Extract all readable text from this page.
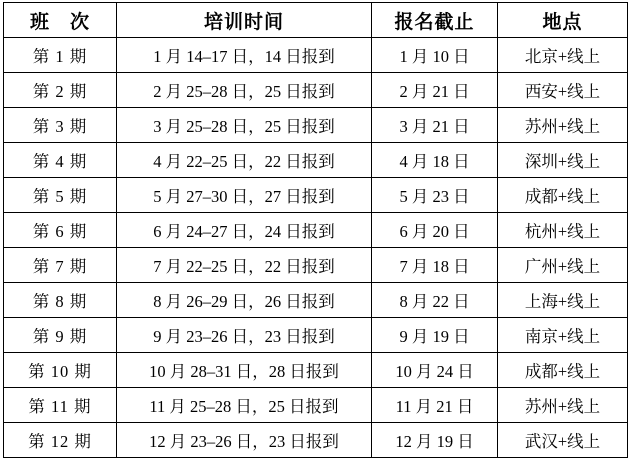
班　次	培训时间	报名截止	地点
第 1 期	1 月 14–17 日，14 日报到	1 月 10 日	北京+线上
第 2 期	2 月 25–28 日，25 日报到	2 月 21 日	西安+线上
第 3 期	3 月 25–28 日，25 日报到	3 月 21 日	苏州+线上
第 4 期	4 月 22–25 日，22 日报到	4 月 18 日	深圳+线上
第 5 期	5 月 27–30 日，27 日报到	5 月 23 日	成都+线上
第 6 期	6 月 24–27 日，24 日报到	6 月 20 日	杭州+线上
第 7 期	7 月 22–25 日，22 日报到	7 月 18 日	广州+线上
第 8 期	8 月 26–29 日，26 日报到	8 月 22 日	上海+线上
第 9 期	9 月 23–26 日，23 日报到	9 月 19 日	南京+线上
第 10 期	10 月 28–31 日，28 日报到	10 月 24 日	成都+线上
第 11 期	11 月 25–28 日，25 日报到	11 月 21 日	苏州+线上
第 12 期	12 月 23–26 日，23 日报到	12 月 19 日	武汉+线上
